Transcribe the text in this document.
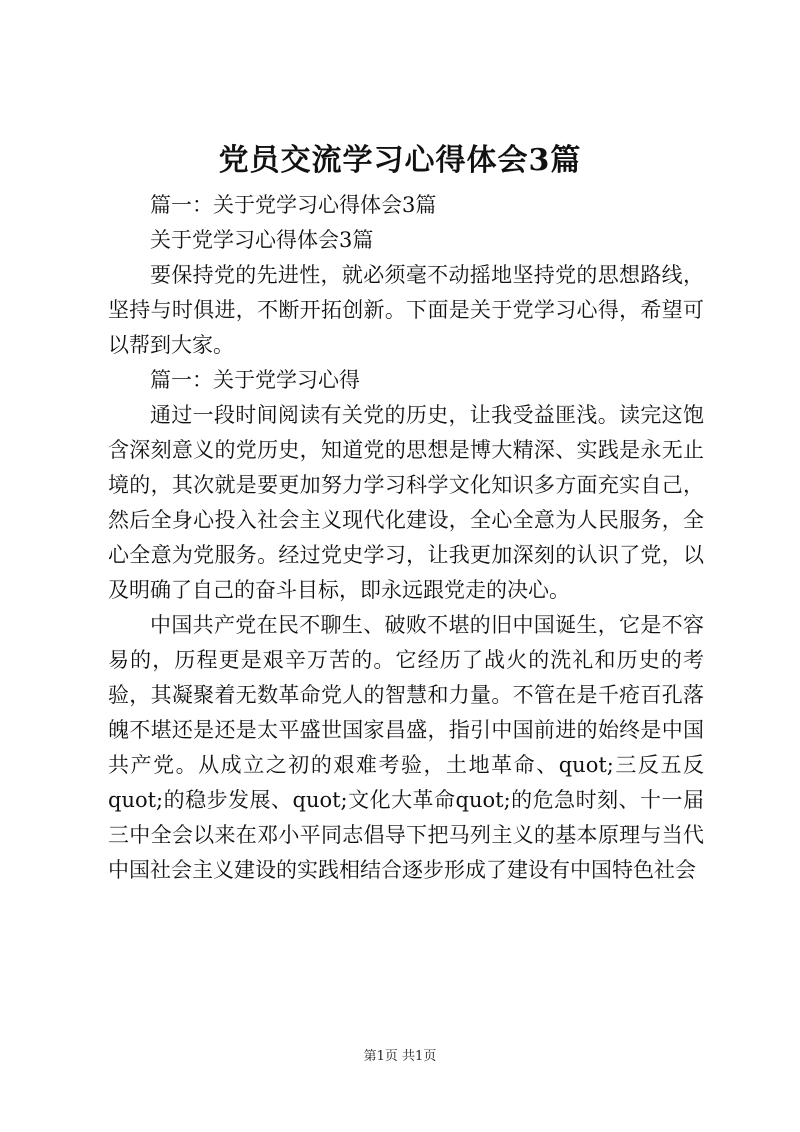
党员交流学习心得体会3篇

篇一：关于党学习心得体会3篇

关于党学习心得体会3篇

要保持党的先进性，就必须毫不动摇地坚持党的思想路线，坚持与时俱进，不断开拓创新。下面是关于党学习心得，希望可以帮到大家。

篇一：关于党学习心得

通过一段时间阅读有关党的历史，让我受益匪浅。读完这饱含深刻意义的党历史，知道党的思想是博大精深、实践是永无止境的，其次就是要更加努力学习科学文化知识多方面充实自己，然后全身心投入社会主义现代化建设，全心全意为人民服务，全心全意为党服务。经过党史学习，让我更加深刻的认识了党，以及明确了自己的奋斗目标，即永远跟党走的决心。

中国共产党在民不聊生、破败不堪的旧中国诞生，它是不容易的，历程更是艰辛万苦的。它经历了战火的洗礼和历史的考验，其凝聚着无数革命党人的智慧和力量。不管在是千疮百孔落魄不堪还是还是太平盛世国家昌盛，指引中国前进的始终是中国共产党。从成立之初的艰难考验，土地革命、quot;三反五反quot;的稳步发展、quot;文化大革命quot;的危急时刻、十一届三中全会以来在邓小平同志倡导下把马列主义的基本原理与当代中国社会主义建设的实践相结合逐步形成了建设有中国特色社会

第1页 共1页
